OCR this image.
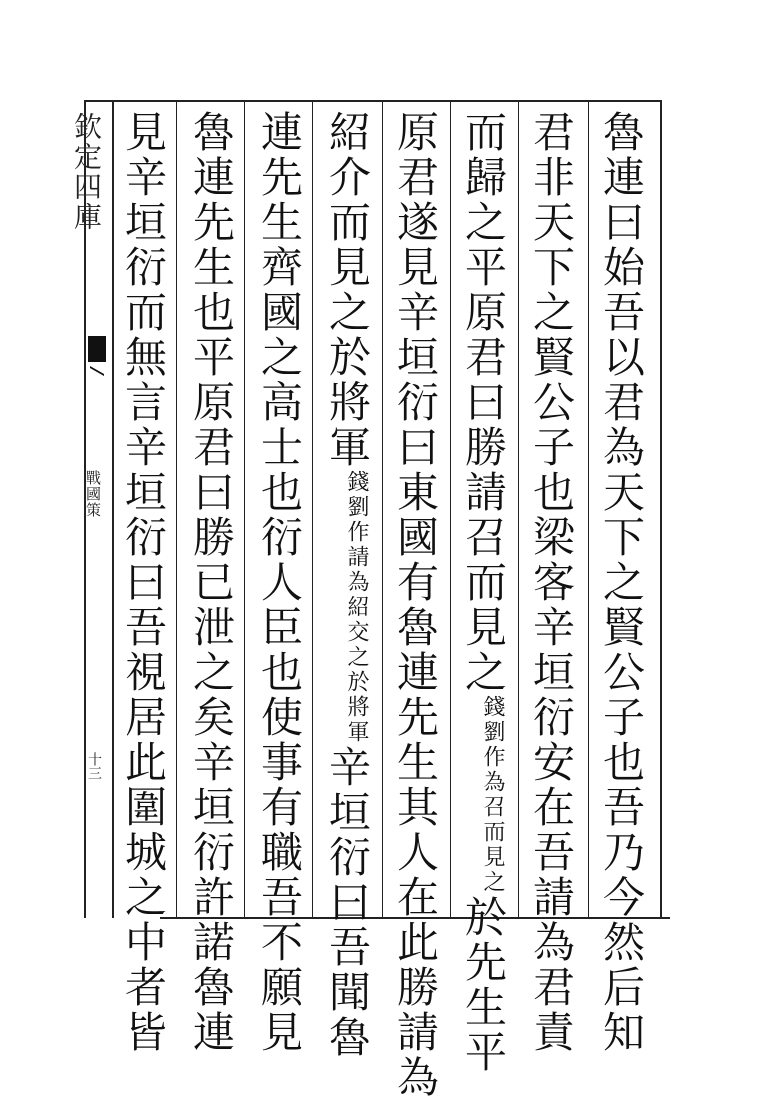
欽定四庫
戰國策
十三	魯連曰始吾以君為天下之賢公子也吾乃今然后知
君非天下之賢公子也梁客辛垣衍安在吾請為君責
而歸之平原君曰勝請召而見之$^{錢劉作為召而見之}$於先生平
原君遂見辛垣衍曰東國有魯連先生其人在此勝請為
紹介而見之於將軍$^{錢劉作請為紹交之於將軍}$辛垣衍曰吾聞魯
連先生齊國之高士也衍人臣也使事有職吾不願見
魯連先生也平原君曰勝已泄之矣辛垣衍許諾魯連
見辛垣衍而無言辛垣衍曰吾視居此圍城之中者皆
